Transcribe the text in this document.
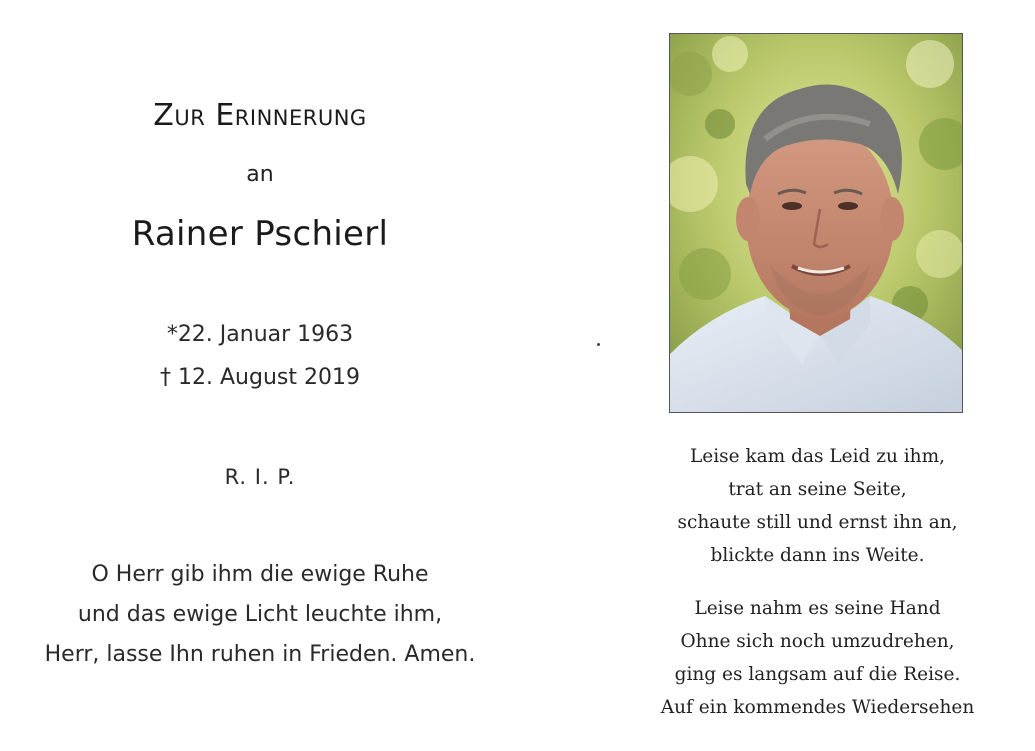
Zur Erinnerung
an
Rainer Pschierl
*22. Januar 1963
† 12. August 2019
R. I. P.
O Herr gib ihm die ewige Ruhe
und das ewige Licht leuchte ihm,
Herr, lasse Ihn ruhen in Frieden. Amen.
Leise kam das Leid zu ihm,
trat an seine Seite,
schaute still und ernst ihn an,
blickte dann ins Weite.
Leise nahm es seine Hand
Ohne sich noch umzudrehen,
ging es langsam auf die Reise.
Auf ein kommendes Wiedersehen
